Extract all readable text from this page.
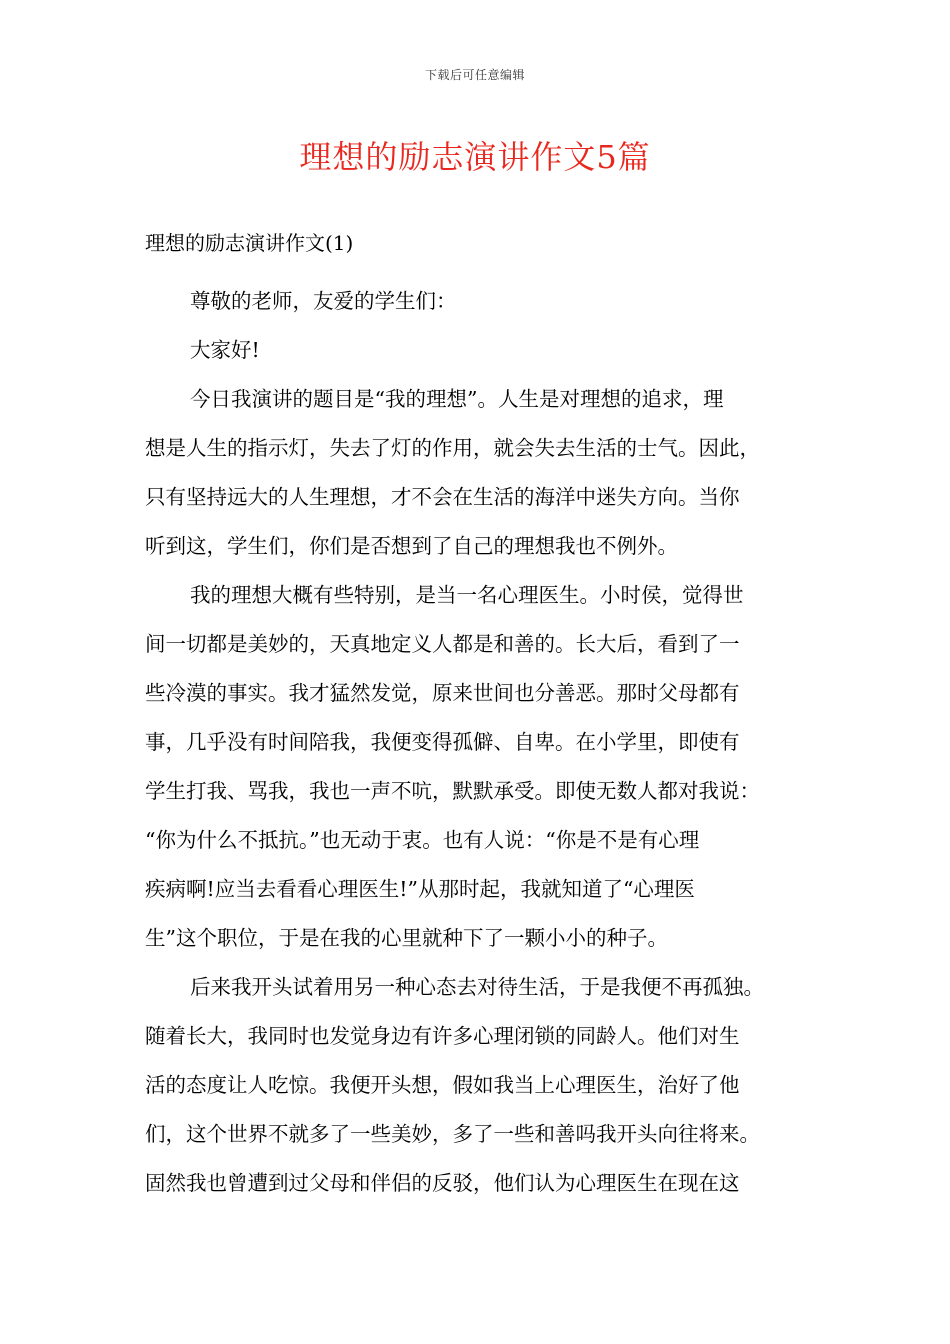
下载后可任意编辑
理想的励志演讲作文5篇
理想的励志演讲作文(1)
尊敬的老师，友爱的学生们：
大家好!
今日我演讲的题目是“我的理想”。人生是对理想的追求，理
想是人生的指示灯，失去了灯的作用，就会失去生活的士气。因此，
只有坚持远大的人生理想，才不会在生活的海洋中迷失方向。当你
听到这，学生们，你们是否想到了自己的理想我也不例外。
我的理想大概有些特别，是当一名心理医生。小时侯，觉得世
间一切都是美妙的，天真地定义人都是和善的。长大后，看到了一
些冷漠的事实。我才猛然发觉，原来世间也分善恶。那时父母都有
事，几乎没有时间陪我，我便变得孤僻、自卑。在小学里，即使有
学生打我、骂我，我也一声不吭，默默承受。即使无数人都对我说：
“你为什么不抵抗。”也无动于衷。也有人说：“你是不是有心理
疾病啊!应当去看看心理医生!”从那时起，我就知道了“心理医
生”这个职位，于是在我的心里就种下了一颗小小的种子。
后来我开头试着用另一种心态去对待生活，于是我便不再孤独。
随着长大，我同时也发觉身边有许多心理闭锁的同龄人。他们对生
活的态度让人吃惊。我便开头想，假如我当上心理医生，治好了他
们，这个世界不就多了一些美妙，多了一些和善吗我开头向往将来。
固然我也曾遭到过父母和伴侣的反驳，他们认为心理医生在现在这
